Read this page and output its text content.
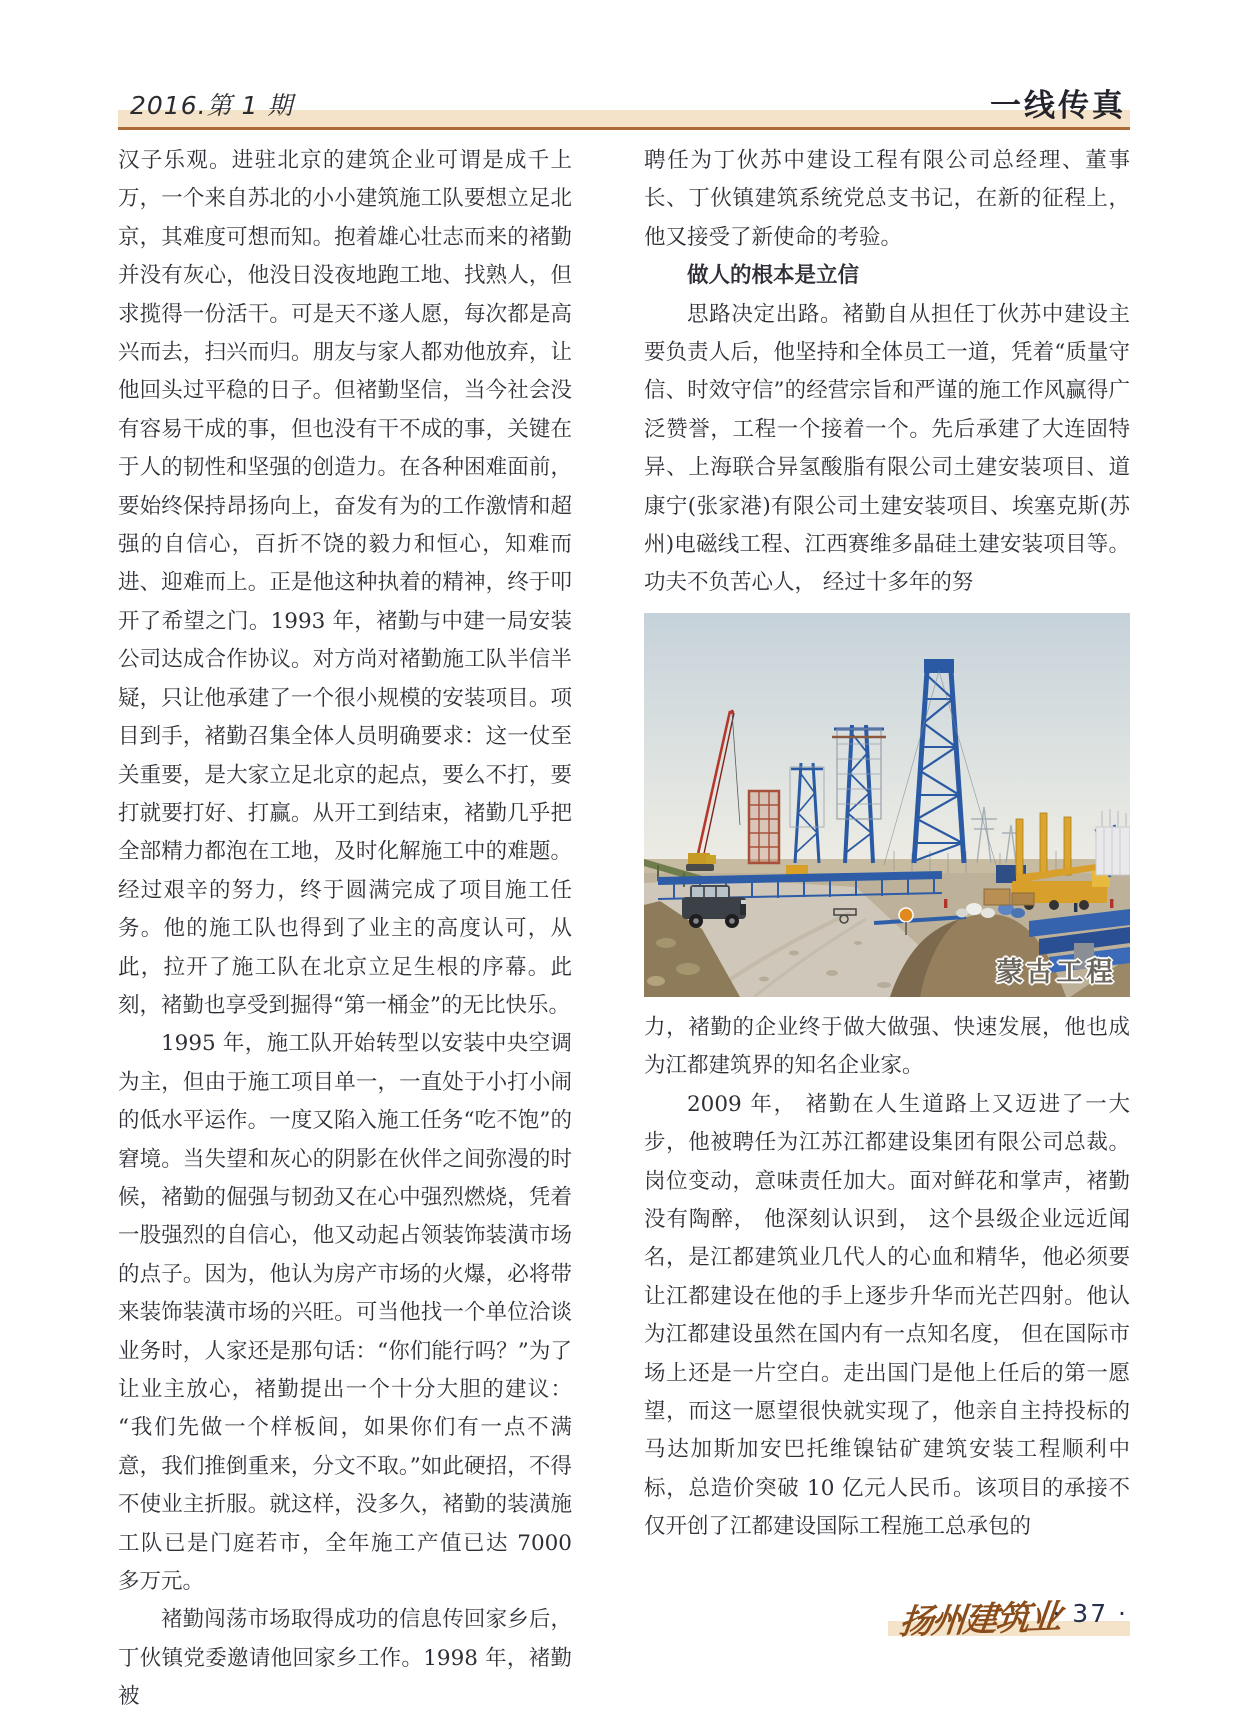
2016.第 1 期	一线传真

汉子乐观。进驻北京的建筑企业可谓是成千上万，一个来自苏北的小小建筑施工队要想立足北京，其难度可想而知。抱着雄心壮志而来的褚勤并没有灰心，他没日没夜地跑工地、找熟人，但求揽得一份活干。可是天不遂人愿，每次都是高兴而去，扫兴而归。朋友与家人都劝他放弃，让他回头过平稳的日子。但褚勤坚信，当今社会没有容易干成的事，但也没有干不成的事，关键在于人的韧性和坚强的创造力。在各种困难面前，要始终保持昂扬向上，奋发有为的工作激情和超强的自信心，百折不饶的毅力和恒心，知难而进、迎难而上。正是他这种执着的精神，终于叩开了希望之门。1993 年，褚勤与中建一局安装公司达成合作协议。对方尚对褚勤施工队半信半疑，只让他承建了一个很小规模的安装项目。项目到手，褚勤召集全体人员明确要求：这一仗至关重要，是大家立足北京的起点，要么不打，要打就要打好、打赢。从开工到结束，褚勤几乎把全部精力都泡在工地，及时化解施工中的难题。经过艰辛的努力，终于圆满完成了项目施工任务。他的施工队也得到了业主的高度认可，从此，拉开了施工队在北京立足生根的序幕。此刻，褚勤也享受到掘得“第一桶金”的无比快乐。

1995 年，施工队开始转型以安装中央空调为主，但由于施工项目单一，一直处于小打小闹的低水平运作。一度又陷入施工任务“吃不饱”的窘境。当失望和灰心的阴影在伙伴之间弥漫的时候，褚勤的倔强与韧劲又在心中强烈燃烧，凭着一股强烈的自信心，他又动起占领装饰装潢市场的点子。因为，他认为房产市场的火爆，必将带来装饰装潢市场的兴旺。可当他找一个单位洽谈业务时，人家还是那句话：“你们能行吗？”为了让业主放心，褚勤提出一个十分大胆的建议：“我们先做一个样板间，如果你们有一点不满意，我们推倒重来，分文不取。”如此硬招，不得不使业主折服。就这样，没多久，褚勤的装潢施工队已是门庭若市，全年施工产值已达 7000 多万元。

褚勤闯荡市场取得成功的信息传回家乡后，丁伙镇党委邀请他回家乡工作。1998 年，褚勤被

聘任为丁伙苏中建设工程有限公司总经理、董事长、丁伙镇建筑系统党总支书记，在新的征程上，他又接受了新使命的考验。

做人的根本是立信

思路决定出路。褚勤自从担任丁伙苏中建设主要负责人后，他坚持和全体员工一道，凭着“质量守信、时效守信”的经营宗旨和严谨的施工作风赢得广泛赞誉，工程一个接着一个。先后承建了大连固特异、上海联合异氢酸脂有限公司土建安装项目、道康宁(张家港)有限公司土建安装项目、埃塞克斯(苏州)电磁线工程、江西赛维多晶硅土建安装项目等。功夫不负苦心人， 经过十多年的努

蒙古工程

力，褚勤的企业终于做大做强、快速发展，他也成为江都建筑界的知名企业家。

2009 年， 褚勤在人生道路上又迈进了一大步，他被聘任为江苏江都建设集团有限公司总裁。岗位变动，意味责任加大。面对鲜花和掌声，褚勤没有陶醉， 他深刻认识到， 这个县级企业远近闻名，是江都建筑业几代人的心血和精华，他必须要让江都建设在他的手上逐步升华而光芒四射。他认为江都建设虽然在国内有一点知名度， 但在国际市场上还是一片空白。走出国门是他上任后的第一愿望，而这一愿望很快就实现了，他亲自主持投标的马达加斯加安巴托维镍钴矿建筑安装工程顺利中标，总造价突破 10 亿元人民币。该项目的承接不仅开创了江都建设国际工程施工总承包的

扬州建筑业
· 37 ·
